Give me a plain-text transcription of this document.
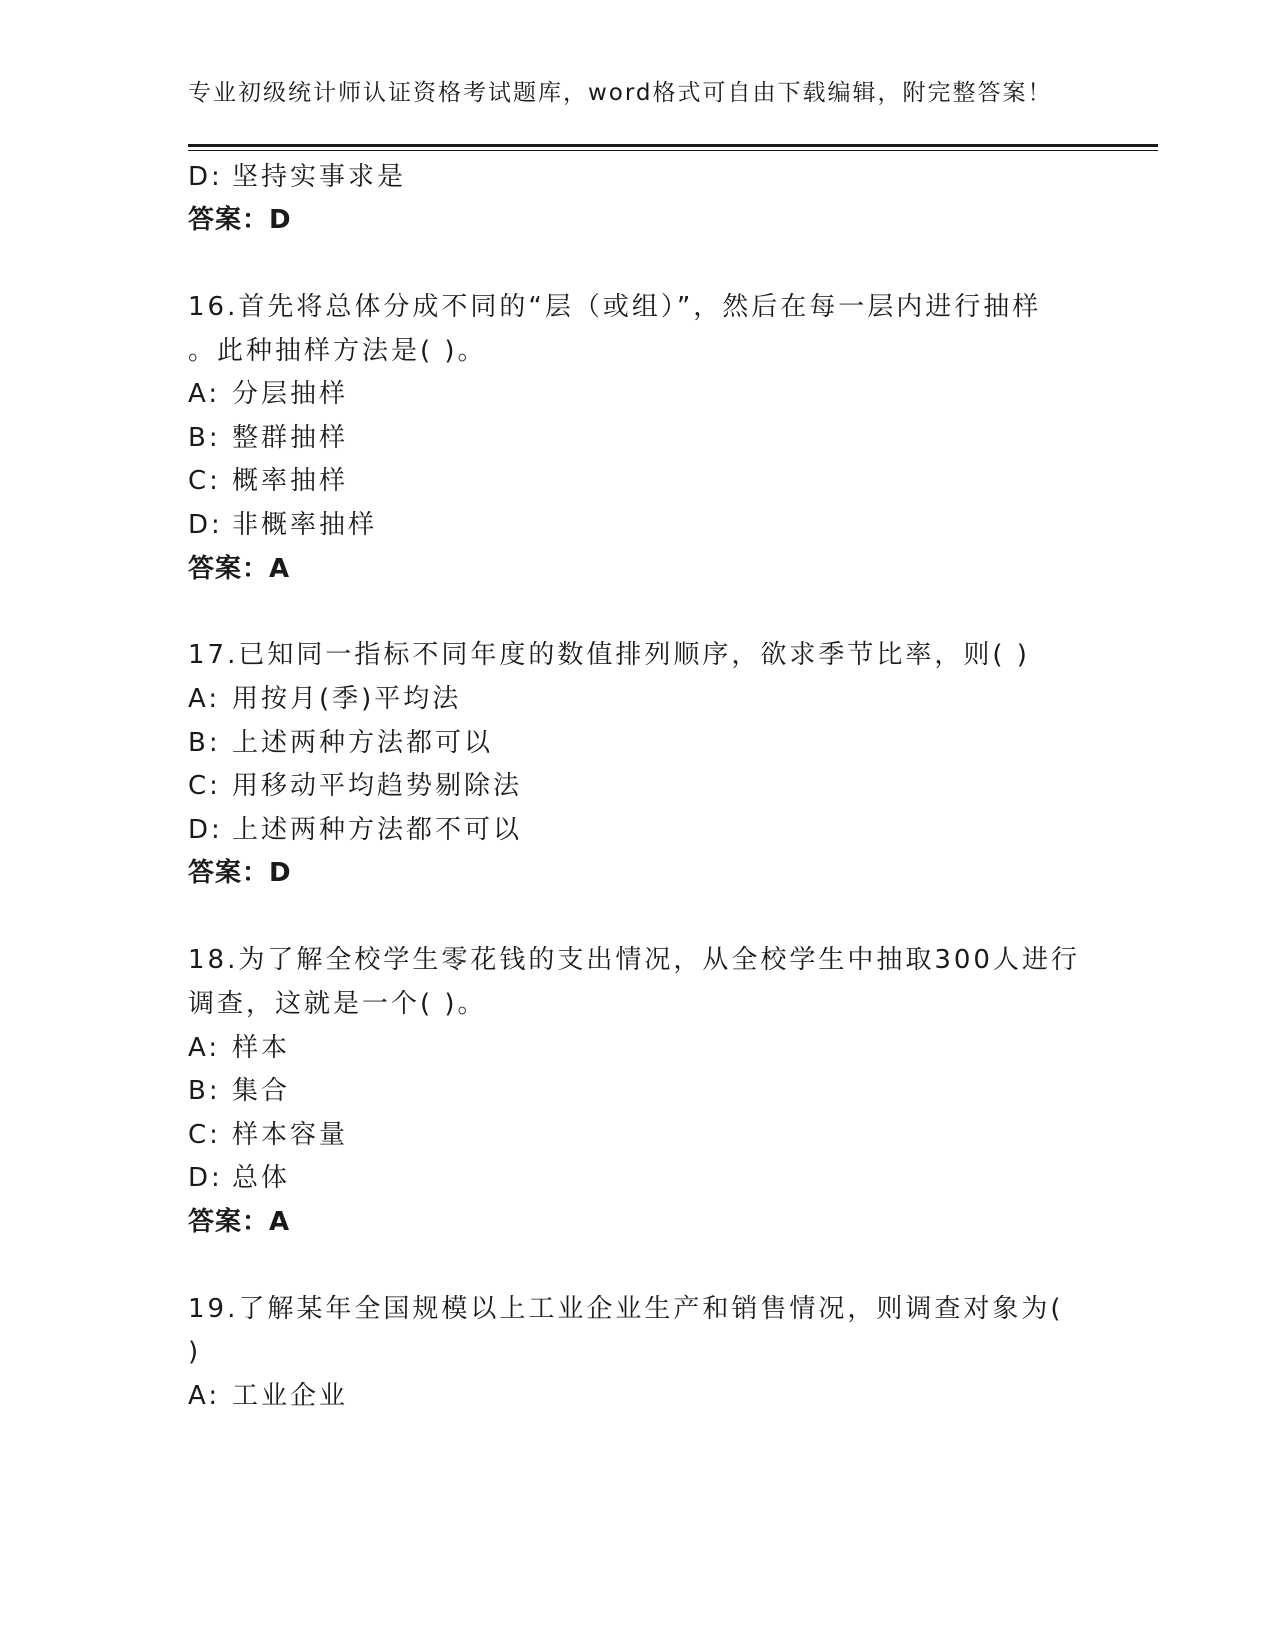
专业初级统计师认证资格考试题库，word格式可自由下载编辑，附完整答案！
D: 坚持实事求是
答案：D
16.首先将总体分成不同的“层（或组）”，然后在每一层内进行抽样
。此种抽样方法是( )。
A: 分层抽样
B: 整群抽样
C: 概率抽样
D: 非概率抽样
答案：A
17.已知同一指标不同年度的数值排列顺序，欲求季节比率，则( )
A: 用按月(季)平均法
B: 上述两种方法都可以
C: 用移动平均趋势剔除法
D: 上述两种方法都不可以
答案：D
18.为了解全校学生零花钱的支出情况，从全校学生中抽取300人进行
调查，这就是一个( )。
A: 样本
B: 集合
C: 样本容量
D: 总体
答案：A
19.了解某年全国规模以上工业企业生产和销售情况，则调查对象为(
)
A: 工业企业
